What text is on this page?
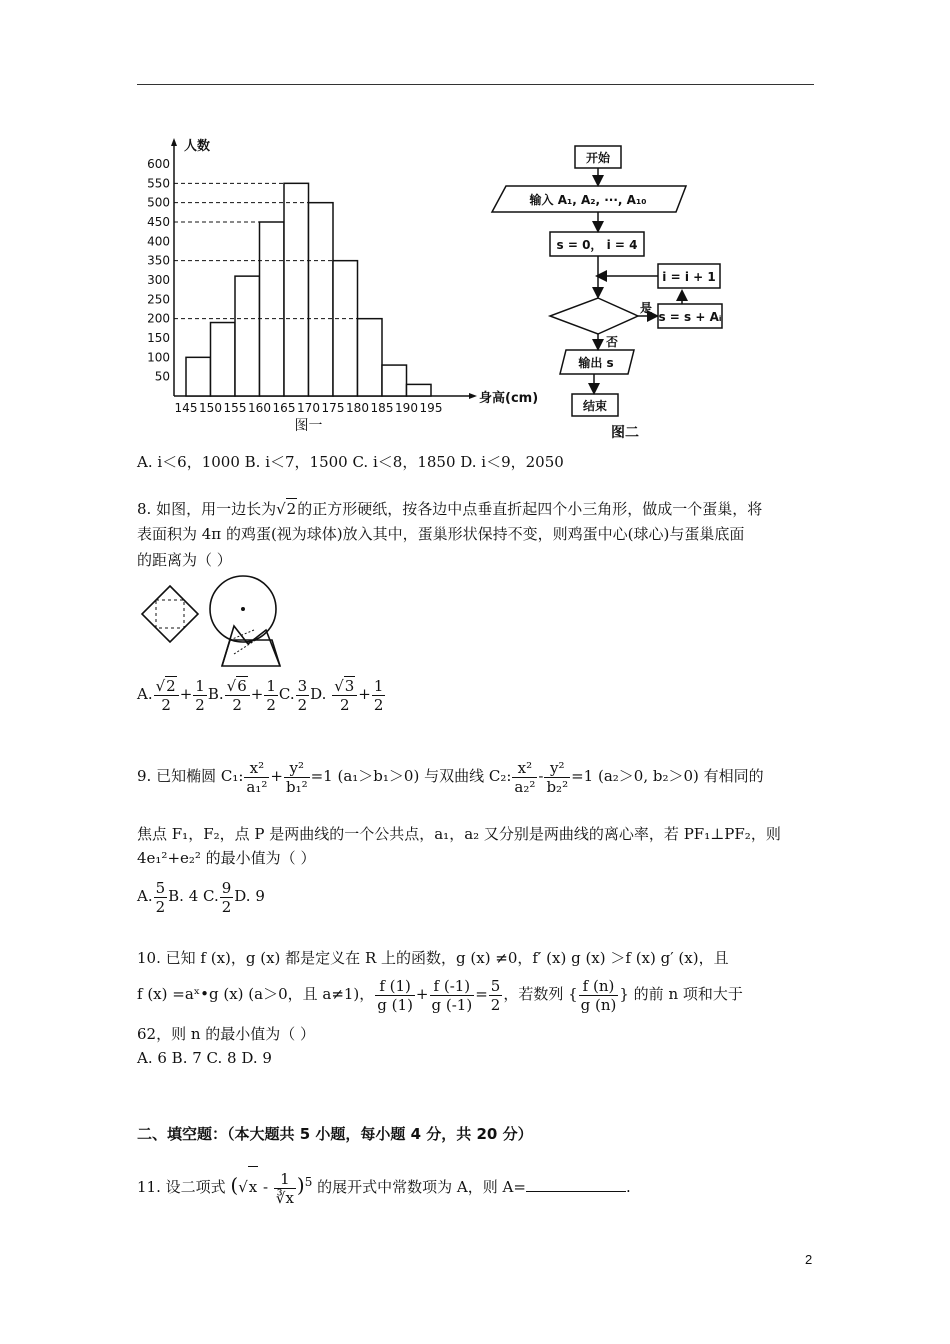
50
100
150
200
250
300
350
400
450
500
550
600
145 150 155 160 165 170 175 180 185 190 195
人数
身高(cm)
图一
开始
输入 A₁, A₂, ···, A₁₀
s = 0， i = 4
i = i + 1
s = s + Aᵢ
是
否
输出 s
结束
图二
A. i＜6，1000 B. i＜7，1500 C. i＜8，1850 D. i＜9，2050
8. 如图，用一边长为√2的正方形硬纸，按各边中点垂直折起四个小三角形，做成一个蛋巢，将
表面积为 4π 的鸡蛋(视为球体)放入其中，蛋巢形状保持不变，则鸡蛋中心(球心)与蛋巢底面
的距离为（ ）
A. $\frac{√2}{2} + \frac{1}{2} B$. $\frac{√6}{2} + \frac{1}{2} C$. $\frac{3}{2} D$. $\frac{√3}{2} + \frac{1}{2}$
9. 已知椭圆 C₁: $\frac{\text{x²}}{\text{a₁²}} + \frac{\text{y²}}{\text{b₁²}} =1$ (a₁＞b₁＞0) 与双曲线 C₂: $\frac{\text{x²}}{\text{a₂²}} - \frac{\text{y²}}{\text{b₂²}} =1$ (a₂＞0, b₂＞0) 有相同的
焦点 F₁，F₂，点 P 是两曲线的一个公共点，a₁，a₂ 又分别是两曲线的离心率，若 PF₁⊥PF₂，则
4e₁²+e₂² 的最小值为（ ）
A. $\frac{5}{2} B$. 4 C. $\frac{9}{2} D$. 9
10. 已知 f (x)，g (x) 都是定义在 R 上的函数，g (x) ≠0，f′ (x) g (x) ＞f (x) g′ (x)，且
f (x) =aˣ•g (x) (a＞0，且 a≠1)， $\frac{f (1)}{g (1)} + \frac{f (-1)}{g (-1)} = \frac{5}{2}$ ，若数列 { $\frac{f (n)}{g (n)}$ } 的前 n 项和大于
62，则 n 的最小值为（ ）
A. 6 B. 7 C. 8 D. 9
二、填空题：（本大题共 5 小题，每小题 4 分，共 20 分）
11. 设二项式 $(√x - \frac{1}{∛x} )^5$ 的展开式中常数项为 A，则 A=	.
2
